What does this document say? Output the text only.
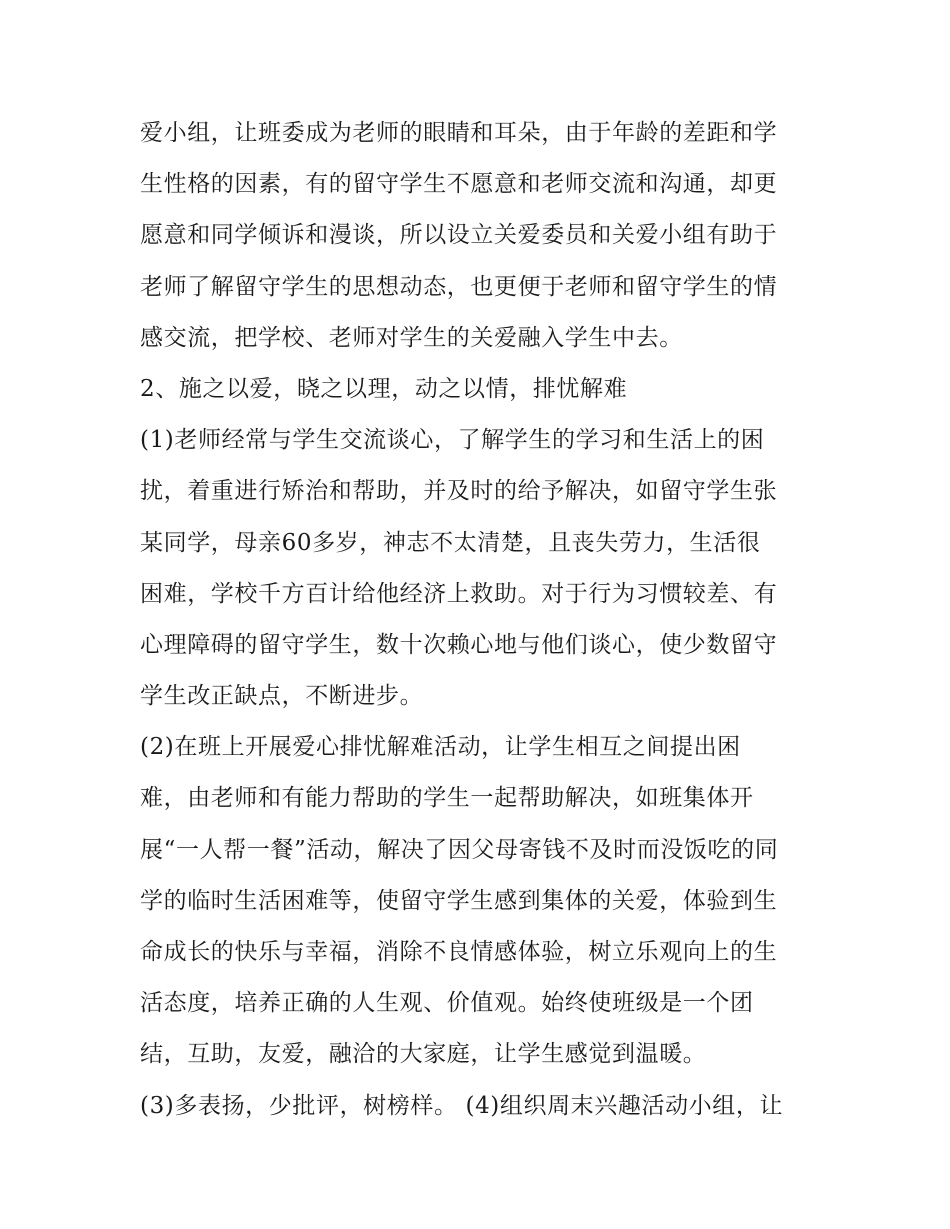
爱小组，让班委成为老师的眼睛和耳朵，由于年龄的差距和学
生性格的因素，有的留守学生不愿意和老师交流和沟通，却更
愿意和同学倾诉和漫谈，所以设立关爱委员和关爱小组有助于
老师了解留守学生的思想动态，也更便于老师和留守学生的情
感交流，把学校、老师对学生的关爱融入学生中去。
2、施之以爱，晓之以理，动之以情，排忧解难
(1)老师经常与学生交流谈心，了解学生的学习和生活上的困
扰，着重进行矫治和帮助，并及时的给予解决，如留守学生张
某同学，母亲60多岁，神志不太清楚，且丧失劳力，生活很
困难，学校千方百计给他经济上救助。对于行为习惯较差、有
心理障碍的留守学生，数十次赖心地与他们谈心，使少数留守
学生改正缺点，不断进步。
(2)在班上开展爱心排忧解难活动，让学生相互之间提出困
难，由老师和有能力帮助的学生一起帮助解决，如班集体开
展“一人帮一餐”活动，解决了因父母寄钱不及时而没饭吃的同
学的临时生活困难等，使留守学生感到集体的关爱，体验到生
命成长的快乐与幸福，消除不良情感体验，树立乐观向上的生
活态度，培养正确的人生观、价值观。始终使班级是一个团
结，互助，友爱，融洽的大家庭，让学生感觉到温暖。
(3)多表扬，少批评，树榜样。 (4)组织周末兴趣活动小组，让
